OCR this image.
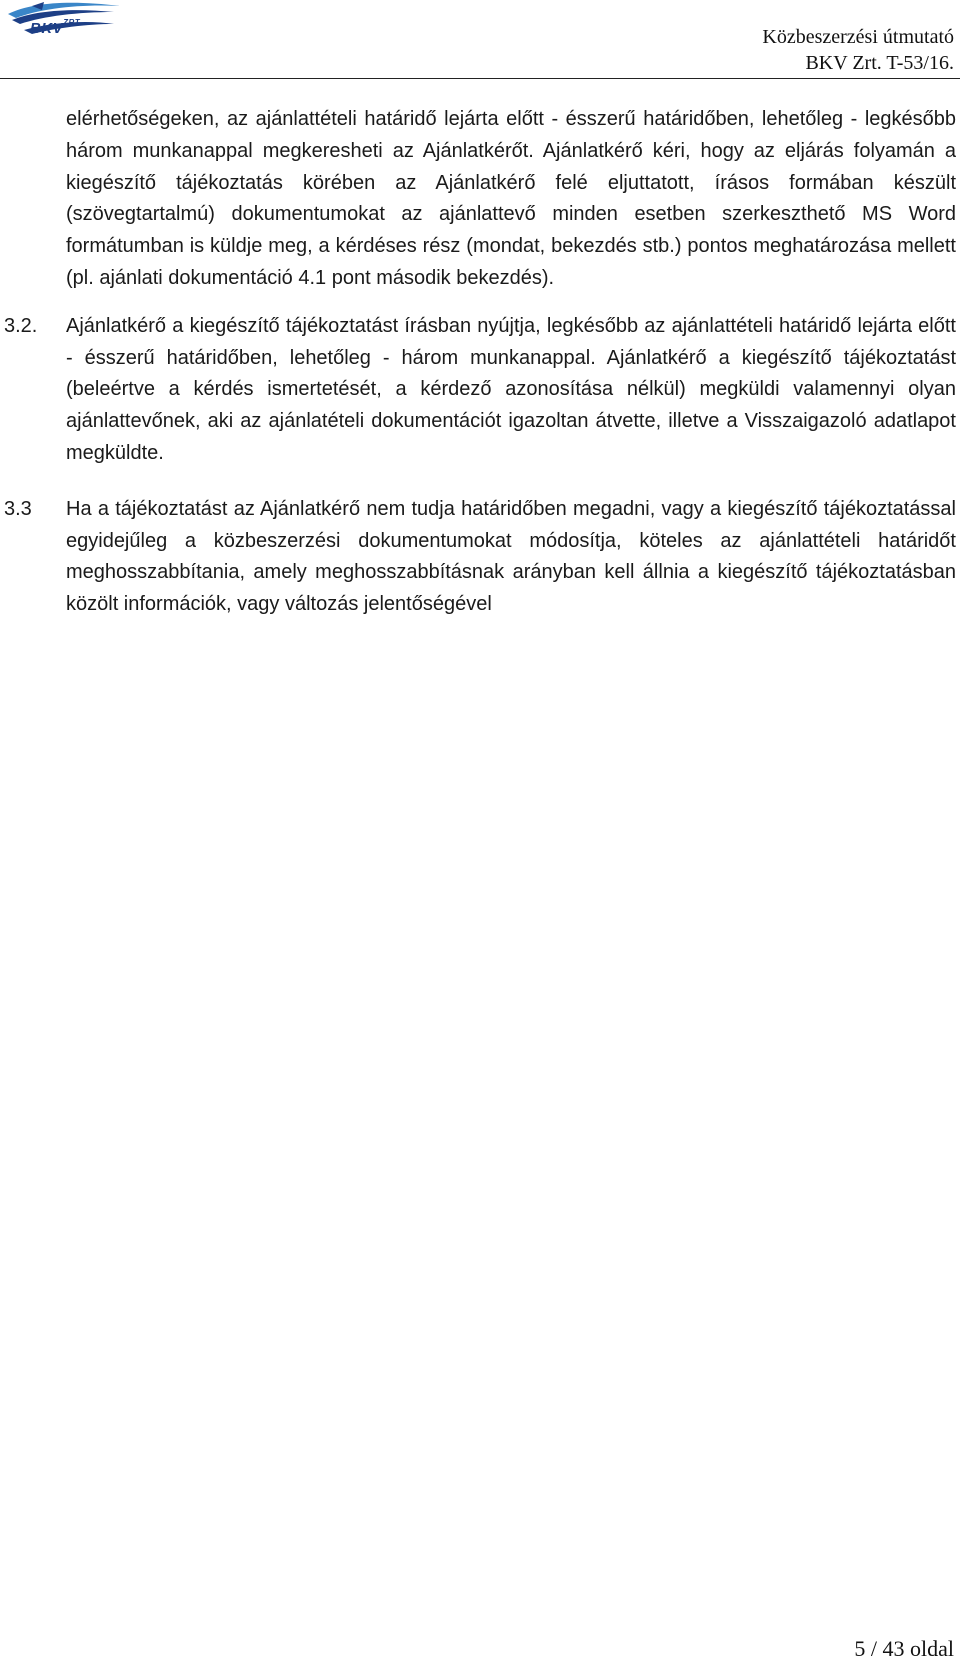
$BKV^{ZRT}$
Közbeszerzési útmutató
BKV Zrt. T-53/16.

elérhetőségeken, az ajánlattételi határidő lejárta előtt - ésszerű határidőben, lehetőleg - legkésőbb három munkanappal megkeresheti az Ajánlatkérőt. Ajánlatkérő kéri, hogy az eljárás folyamán a kiegészítő tájékoztatás körében az Ajánlatkérő felé eljuttatott, írásos formában készült (szövegtartalmú) dokumentumokat az ajánlattevő minden esetben szerkeszthető MS Word formátumban is küldje meg, a kérdéses rész (mondat, bekezdés stb.) pontos meghatározása mellett (pl. ajánlati dokumentáció 4.1 pont második bekezdés).

3.2. Ajánlatkérő a kiegészítő tájékoztatást írásban nyújtja, legkésőbb az ajánlattételi határidő lejárta előtt - ésszerű határidőben, lehetőleg - három munkanappal. Ajánlatkérő a kiegészítő tájékoztatást (beleértve a kérdés ismertetését, a kérdező azonosítása nélkül) megküldi valamennyi olyan ajánlattevőnek, aki az ajánlatételi dokumentációt igazoltan átvette, illetve a Visszaigazoló adatlapot megküldte.

3.3 Ha a tájékoztatást az Ajánlatkérő nem tudja határidőben megadni, vagy a kiegészítő tájékoztatással egyidejűleg a közbeszerzési dokumentumokat módosítja, köteles az ajánlattételi határidőt meghosszabbítania, amely meghosszabbításnak arányban kell állnia a kiegészítő tájékoztatásban közölt információk, vagy változás jelentőségével

5 / 43 oldal
